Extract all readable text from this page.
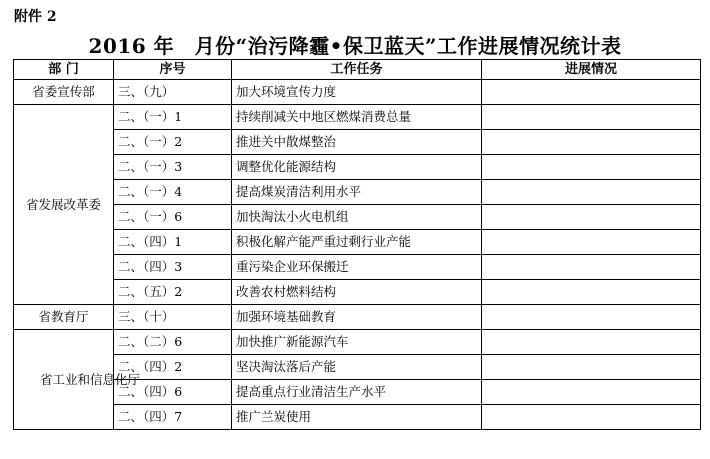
附件 2
2016 年　月份“治污降霾•保卫蓝天”工作进展情况统计表
部 门	序号	工作任务	进展情况
省委宣传部	三、（九）	加大环境宣传力度	
省发展改革委	二、（一）1	持续削减关中地区燃煤消费总量	
	二、（一）2	推进关中散煤整治	
	二、（一）3	调整优化能源结构	
	二、（一）4	提高煤炭清洁利用水平	
	二、（一）6	加快淘汰小火电机组	
	二、（四）1	积极化解产能严重过剩行业产能	
	二、（四）3	重污染企业环保搬迁	
	二、（五）2	改善农村燃料结构	
省教育厅	三、（十）	加强环境基础教育	
省工业和信息化厅	二、（二）6	加快推广新能源汽车	
	二、（四）2	坚决淘汰落后产能	
	二、（四）6	提高重点行业清洁生产水平	
	二、（四）7	推广兰炭使用	
